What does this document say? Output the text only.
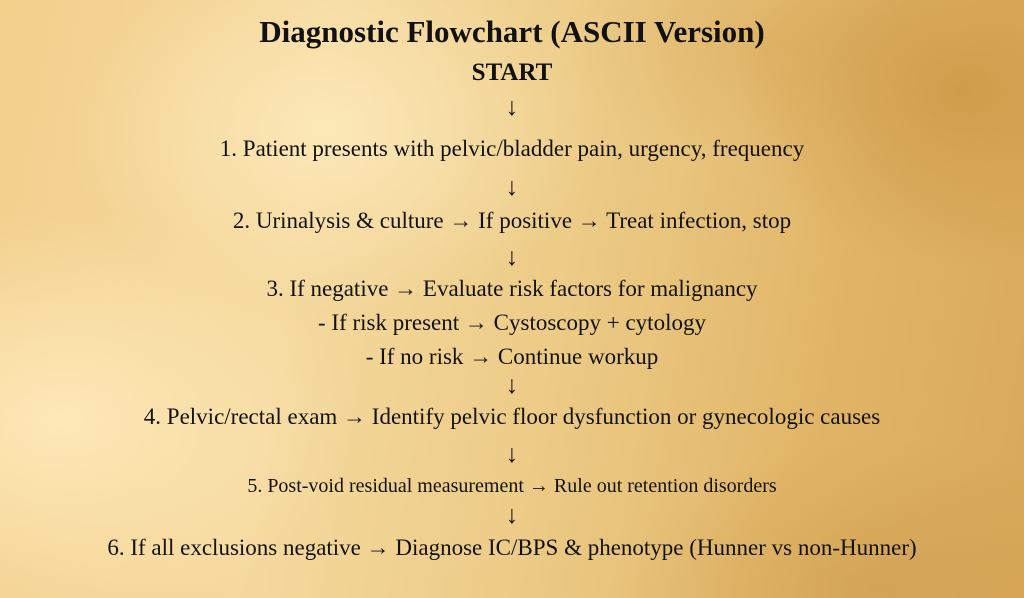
Diagnostic Flowchart (ASCII Version)
START
↓
1. Patient presents with pelvic/bladder pain, urgency, frequency
↓
2. Urinalysis & culture → If positive → Treat infection, stop
↓
3. If negative → Evaluate risk factors for malignancy
- If risk present → Cystoscopy + cytology
- If no risk → Continue workup
↓
4. Pelvic/rectal exam → Identify pelvic floor dysfunction or gynecologic causes
↓
5. Post-void residual measurement → Rule out retention disorders
↓
6. If all exclusions negative → Diagnose IC/BPS & phenotype (Hunner vs non-Hunner)
